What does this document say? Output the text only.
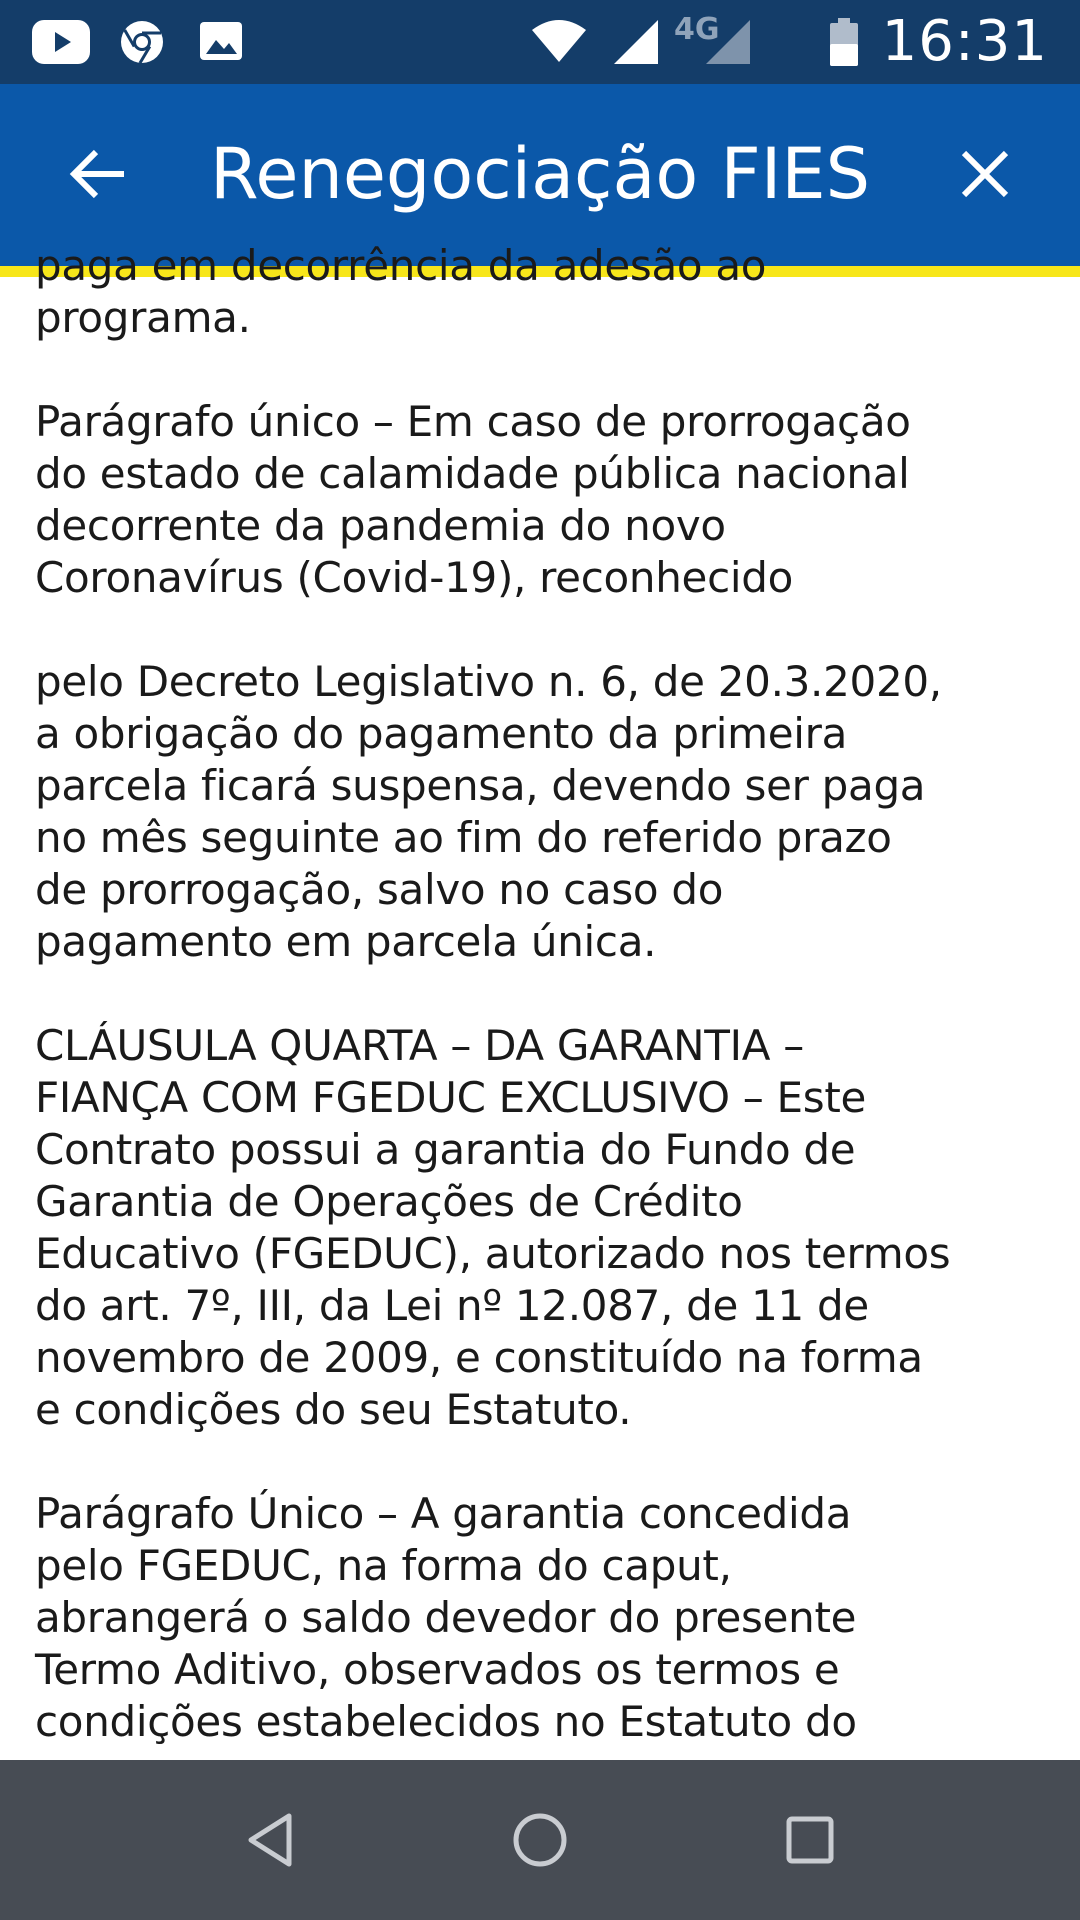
4G	16:31
Renegociação FIES

paga em decorrência da adesão ao
programa.

Parágrafo único – Em caso de prorrogação
do estado de calamidade pública nacional
decorrente da pandemia do novo
Coronavírus (Covid-19), reconhecido

pelo Decreto Legislativo n. 6, de 20.3.2020,
a obrigação do pagamento da primeira
parcela ficará suspensa, devendo ser paga
no mês seguinte ao fim do referido prazo
de prorrogação, salvo no caso do
pagamento em parcela única.

CLÁUSULA QUARTA – DA GARANTIA –
FIANÇA COM FGEDUC EXCLUSIVO – Este
Contrato possui a garantia do Fundo de
Garantia de Operações de Crédito
Educativo (FGEDUC), autorizado nos termos
do art. 7º, III, da Lei nº 12.087, de 11 de
novembro de 2009, e constituído na forma
e condições do seu Estatuto.

Parágrafo Único – A garantia concedida
pelo FGEDUC, na forma do caput,
abrangerá o saldo devedor do presente
Termo Aditivo, observados os termos e
condições estabelecidos no Estatuto do
